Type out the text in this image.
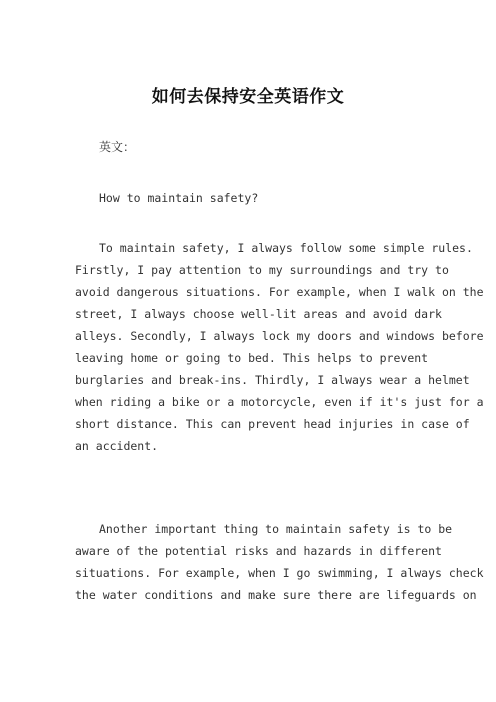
如何去保持安全英语作文
英文：
How to maintain safety?
To maintain safety, I always follow some simple rules.
Firstly, I pay attention to my surroundings and try to
avoid dangerous situations. For example, when I walk on the
street, I always choose well-lit areas and avoid dark
alleys. Secondly, I always lock my doors and windows before
leaving home or going to bed. This helps to prevent
burglaries and break-ins. Thirdly, I always wear a helmet
when riding a bike or a motorcycle, even if it's just for a
short distance. This can prevent head injuries in case of
an accident.
Another important thing to maintain safety is to be
aware of the potential risks and hazards in different
situations. For example, when I go swimming, I always check
the water conditions and make sure there are lifeguards on
